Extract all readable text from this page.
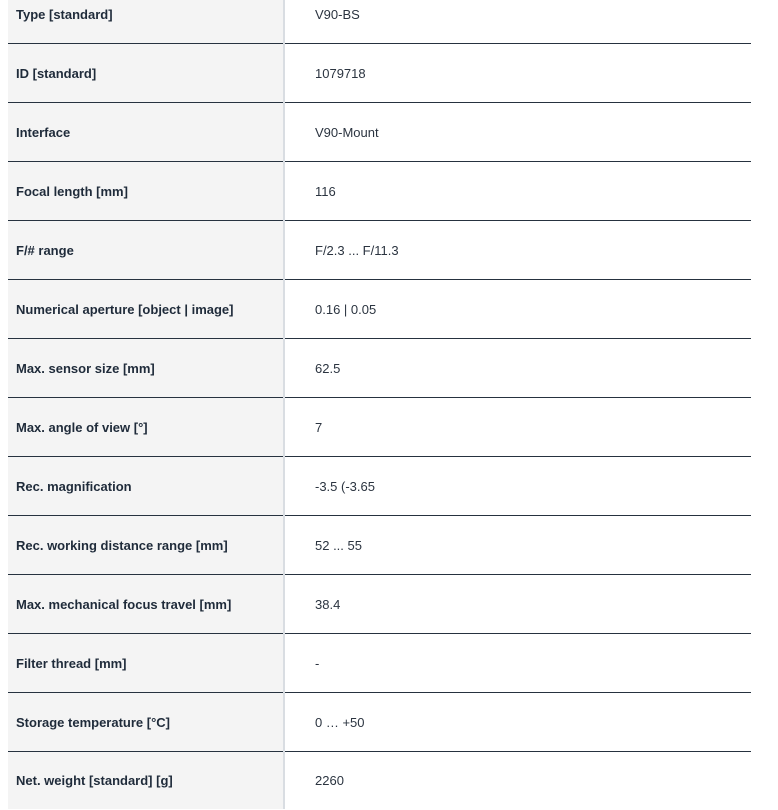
Type [standard]	V90-BS
ID [standard]	1079718
Interface	V90-Mount
Focal length [mm]	116
F/# range	F/2.3 ... F/11.3
Numerical aperture [object | image]	0.16 | 0.05
Max. sensor size [mm]	62.5
Max. angle of view [°]	7
Rec. magnification	-3.5 (-3.65
Rec. working distance range [mm]	52 ... 55
Max. mechanical focus travel [mm]	38.4
Filter thread [mm]	-
Storage temperature [°C]	0 … +50
Net. weight [standard] [g]	2260
